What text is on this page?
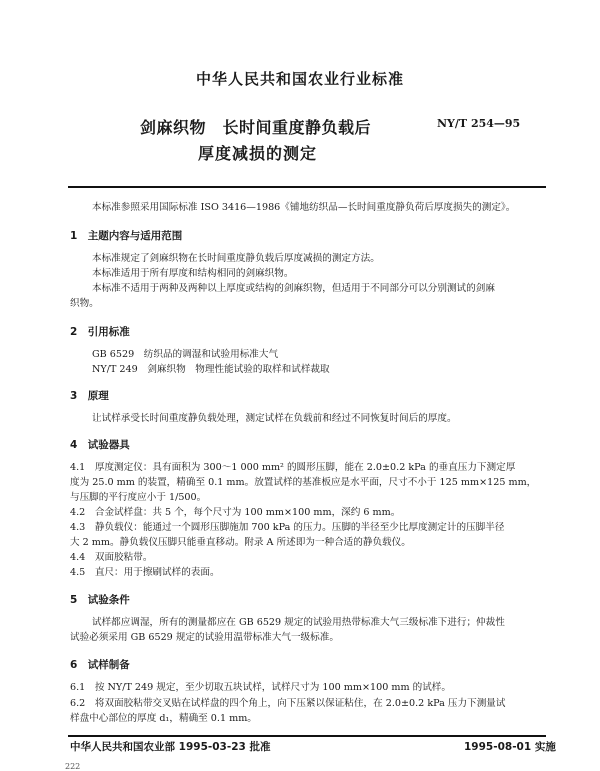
中华人民共和国农业行业标准
剑麻织物　长时间重度静负载后
厚度减损的测定
NY/T 254—95
本标准参照采用国际标准 ISO 3416—1986《铺地纺织品—长时间重度静负荷后厚度损失的测定》。
1　主题内容与适用范围
本标准规定了剑麻织物在长时间重度静负载后厚度减损的测定方法。
本标准适用于所有厚度和结构相同的剑麻织物。
本标准不适用于两种及两种以上厚度或结构的剑麻织物，但适用于不同部分可以分别测试的剑麻
织物。
2　引用标准
GB 6529　纺织品的调湿和试验用标准大气
NY/T 249　剑麻织物　物理性能试验的取样和试样裁取
3　原理
让试样承受长时间重度静负载处理，测定试样在负载前和经过不同恢复时间后的厚度。
4　试验器具
4.1　厚度测定仪：具有面积为 300～1 000 mm² 的圆形压脚，能在 2.0±0.2 kPa 的垂直压力下测定厚
度为 25.0 mm 的装置，精确至 0.1 mm。放置试样的基准板应是水平面，尺寸不小于 125 mm×125 mm，
与压脚的平行度应小于 1/500。
4.2　合金试样盘：共 5 个，每个尺寸为 100 mm×100 mm，深约 6 mm。
4.3　静负载仪：能通过一个圆形压脚施加 700 kPa 的压力。压脚的半径至少比厚度测定计的压脚半径
大 2 mm。静负载仪压脚只能垂直移动。附录 A 所述即为一种合适的静负载仪。
4.4　双面胶粘带。
4.5　直尺：用于擦刷试样的表面。
5　试验条件
试样都应调湿，所有的测量都应在 GB 6529 规定的试验用热带标准大气三级标准下进行；仲裁性
试验必须采用 GB 6529 规定的试验用温带标准大气一级标准。
6　试样制备
6.1　按 NY/T 249 规定，至少切取五块试样，试样尺寸为 100 mm×100 mm 的试样。
6.2　将双面胶粘带交叉贴在试样盘的四个角上，向下压紧以保证粘住，在 2.0±0.2 kPa 压力下测量试
样盘中心部位的厚度 d₁，精确至 0.1 mm。
中华人民共和国农业部 1995-03-23 批准	1995-08-01 实施
222
